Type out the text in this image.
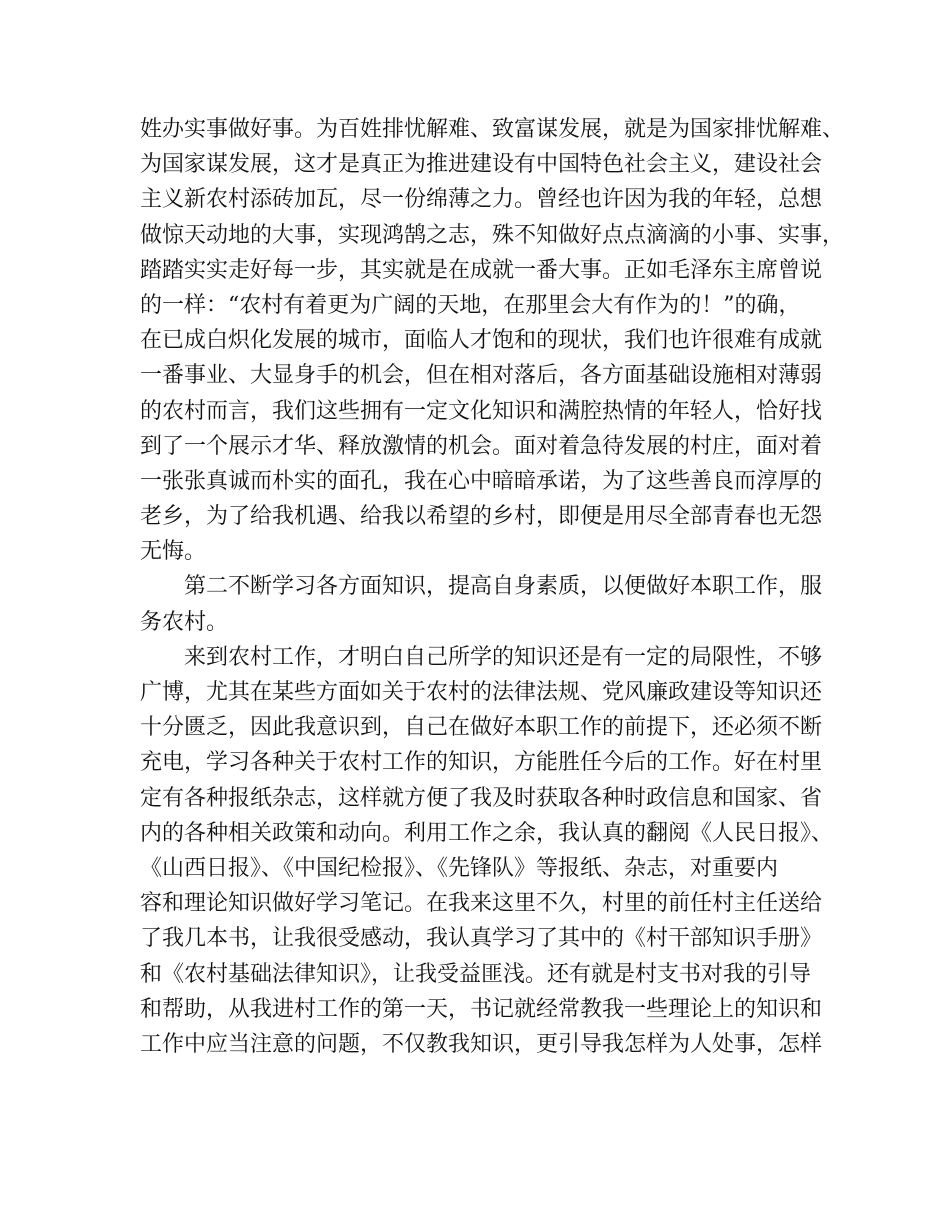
姓办实事做好事。为百姓排忧解难、致富谋发展，就是为国家排忧解难、
为国家谋发展，这才是真正为推进建设有中国特色社会主义，建设社会
主义新农村添砖加瓦，尽一份绵薄之力。曾经也许因为我的年轻，总想
做惊天动地的大事，实现鸿鹄之志，殊不知做好点点滴滴的小事、实事，
踏踏实实走好每一步，其实就是在成就一番大事。正如毛泽东主席曾说
的一样：“农村有着更为广阔的天地，在那里会大有作为的！”的确，
在已成白炽化发展的城市，面临人才饱和的现状，我们也许很难有成就
一番事业、大显身手的机会，但在相对落后，各方面基础设施相对薄弱
的农村而言，我们这些拥有一定文化知识和满腔热情的年轻人，恰好找
到了一个展示才华、释放激情的机会。面对着急待发展的村庄，面对着
一张张真诚而朴实的面孔，我在心中暗暗承诺，为了这些善良而淳厚的
老乡，为了给我机遇、给我以希望的乡村，即便是用尽全部青春也无怨
无悔。
第二不断学习各方面知识，提高自身素质，以便做好本职工作，服
务农村。
来到农村工作，才明白自己所学的知识还是有一定的局限性，不够
广博，尤其在某些方面如关于农村的法律法规、党风廉政建设等知识还
十分匮乏，因此我意识到，自己在做好本职工作的前提下，还必须不断
充电，学习各种关于农村工作的知识，方能胜任今后的工作。好在村里
定有各种报纸杂志，这样就方便了我及时获取各种时政信息和国家、省
内的各种相关政策和动向。利用工作之余，我认真的翻阅《人民日报》、
《山西日报》、《中国纪检报》、《先锋队》等报纸、杂志，对重要内
容和理论知识做好学习笔记。在我来这里不久，村里的前任村主任送给
了我几本书，让我很受感动，我认真学习了其中的《村干部知识手册》
和《农村基础法律知识》，让我受益匪浅。还有就是村支书对我的引导
和帮助，从我进村工作的第一天，书记就经常教我一些理论上的知识和
工作中应当注意的问题，不仅教我知识，更引导我怎样为人处事，怎样
